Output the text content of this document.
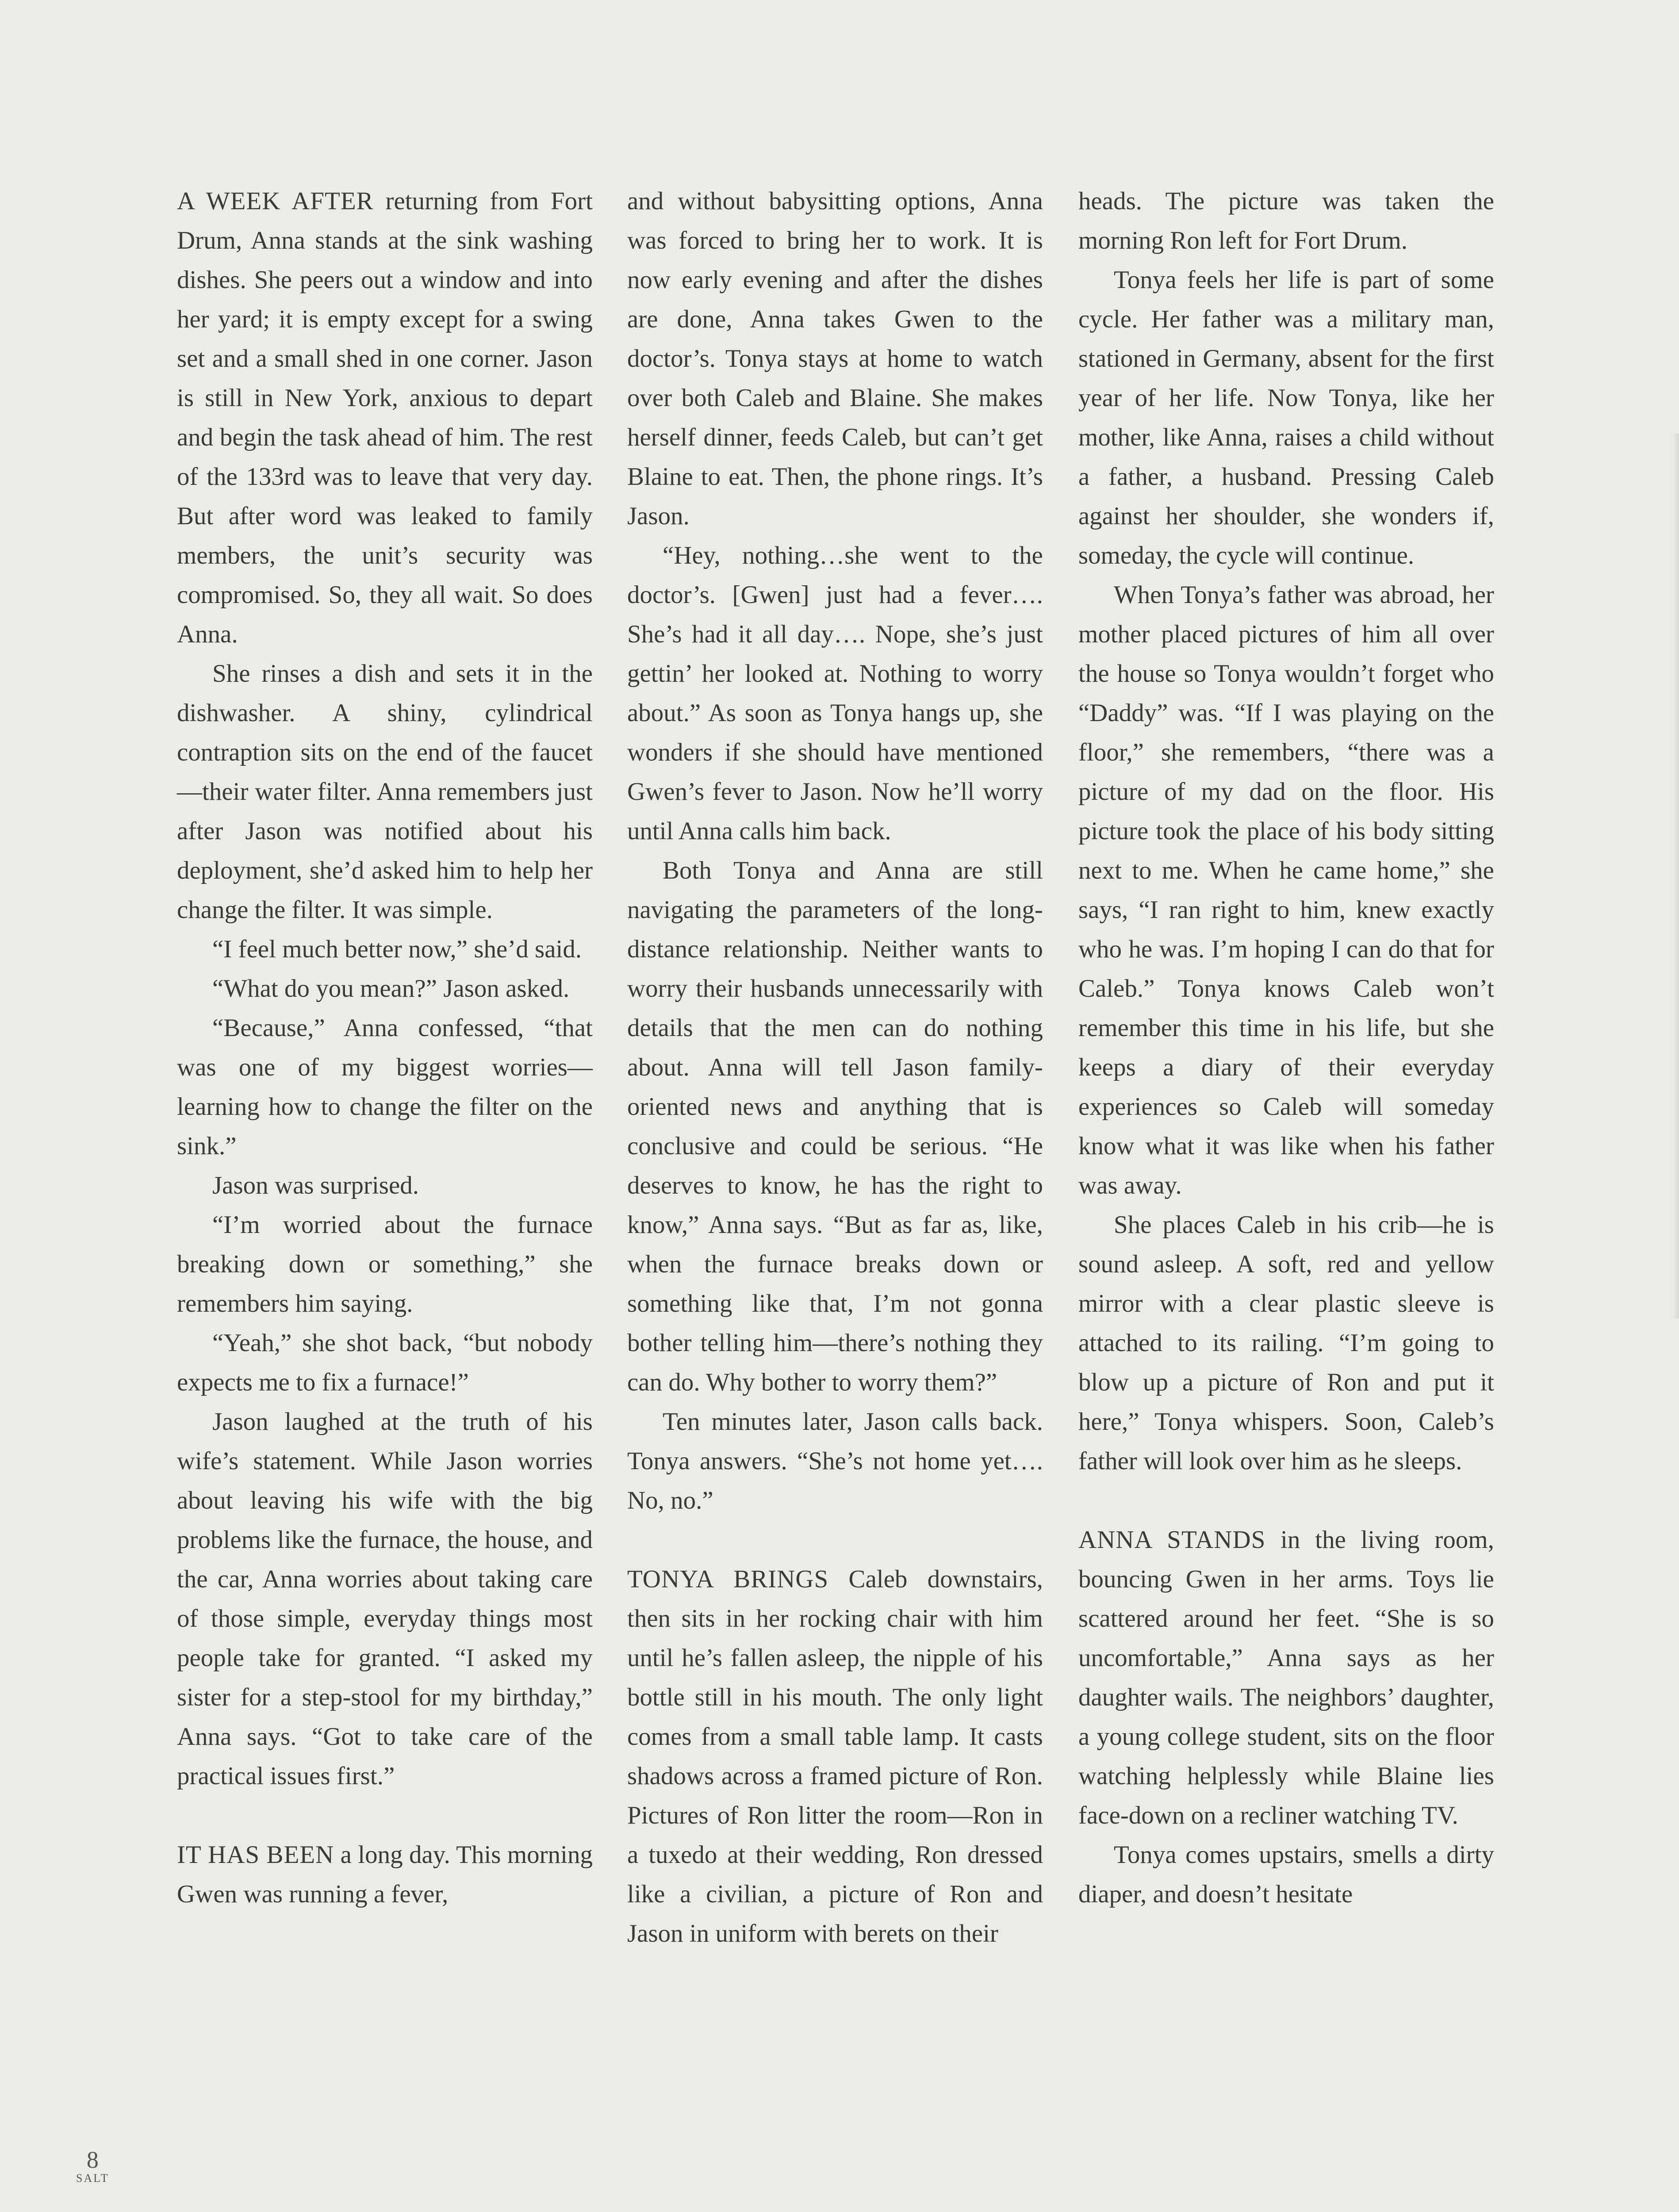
A WEEK AFTER returning from Fort Drum, Anna stands at the sink washing dishes. She peers out a window and into her yard; it is empty except for a swing set and a small shed in one corner. Jason is still in New York, anxious to depart and begin the task ahead of him. The rest of the 133rd was to leave that very day. But after word was leaked to family members, the unit’s security was compromised. So, they all wait. So does Anna.

She rinses a dish and sets it in the dishwasher. A shiny, cylindrical contraption sits on the end of the faucet—their water filter. Anna remembers just after Jason was notified about his deployment, she’d asked him to help her change the filter. It was simple.

“I feel much better now,” she’d said.

“What do you mean?” Jason asked.

“Because,” Anna confessed, “that was one of my biggest worries—learning how to change the filter on the sink.”

Jason was surprised.

“I’m worried about the furnace breaking down or something,” she remembers him saying.

“Yeah,” she shot back, “but nobody expects me to fix a furnace!”

Jason laughed at the truth of his wife’s statement. While Jason worries about leaving his wife with the big problems like the furnace, the house, and the car, Anna worries about taking care of those simple, everyday things most people take for granted. “I asked my sister for a step-stool for my birthday,” Anna says. “Got to take care of the practical issues first.”

IT HAS BEEN a long day. This morning Gwen was running a fever,

and without babysitting options, Anna was forced to bring her to work. It is now early evening and after the dishes are done, Anna takes Gwen to the doctor’s. Tonya stays at home to watch over both Caleb and Blaine. She makes herself dinner, feeds Caleb, but can’t get Blaine to eat. Then, the phone rings. It’s Jason.

“Hey, nothing…she went to the doctor’s. [Gwen] just had a fever…. She’s had it all day…. Nope, she’s just gettin’ her looked at. Nothing to worry about.” As soon as Tonya hangs up, she wonders if she should have mentioned Gwen’s fever to Jason. Now he’ll worry until Anna calls him back.

Both Tonya and Anna are still navigating the parameters of the long-distance relationship. Neither wants to worry their husbands unnecessarily with details that the men can do nothing about. Anna will tell Jason family-oriented news and anything that is conclusive and could be serious. “He deserves to know, he has the right to know,” Anna says. “But as far as, like, when the furnace breaks down or something like that, I’m not gonna bother telling him—there’s nothing they can do. Why bother to worry them?”

Ten minutes later, Jason calls back. Tonya answers. “She’s not home yet…. No, no.”

TONYA BRINGS Caleb downstairs, then sits in her rocking chair with him until he’s fallen asleep, the nipple of his bottle still in his mouth. The only light comes from a small table lamp. It casts shadows across a framed picture of Ron. Pictures of Ron litter the room—Ron in a tuxedo at their wedding, Ron dressed like a civilian, a picture of Ron and Jason in uniform with berets on their

heads. The picture was taken the morning Ron left for Fort Drum.

Tonya feels her life is part of some cycle. Her father was a military man, stationed in Germany, absent for the first year of her life. Now Tonya, like her mother, like Anna, raises a child without a father, a husband. Pressing Caleb against her shoulder, she wonders if, someday, the cycle will continue.

When Tonya’s father was abroad, her mother placed pictures of him all over the house so Tonya wouldn’t forget who “Daddy” was. “If I was playing on the floor,” she remembers, “there was a picture of my dad on the floor. His picture took the place of his body sitting next to me. When he came home,” she says, “I ran right to him, knew exactly who he was. I’m hoping I can do that for Caleb.” Tonya knows Caleb won’t remember this time in his life, but she keeps a diary of their everyday experiences so Caleb will someday know what it was like when his father was away.

She places Caleb in his crib—he is sound asleep. A soft, red and yellow mirror with a clear plastic sleeve is attached to its railing. “I’m going to blow up a picture of Ron and put it here,” Tonya whispers. Soon, Caleb’s father will look over him as he sleeps.

ANNA STANDS in the living room, bouncing Gwen in her arms. Toys lie scattered around her feet. “She is so uncomfortable,” Anna says as her daughter wails. The neighbors’ daughter, a young college student, sits on the floor watching helplessly while Blaine lies face-down on a recliner watching TV.

Tonya comes upstairs, smells a dirty diaper, and doesn’t hesitate

8
SALT
